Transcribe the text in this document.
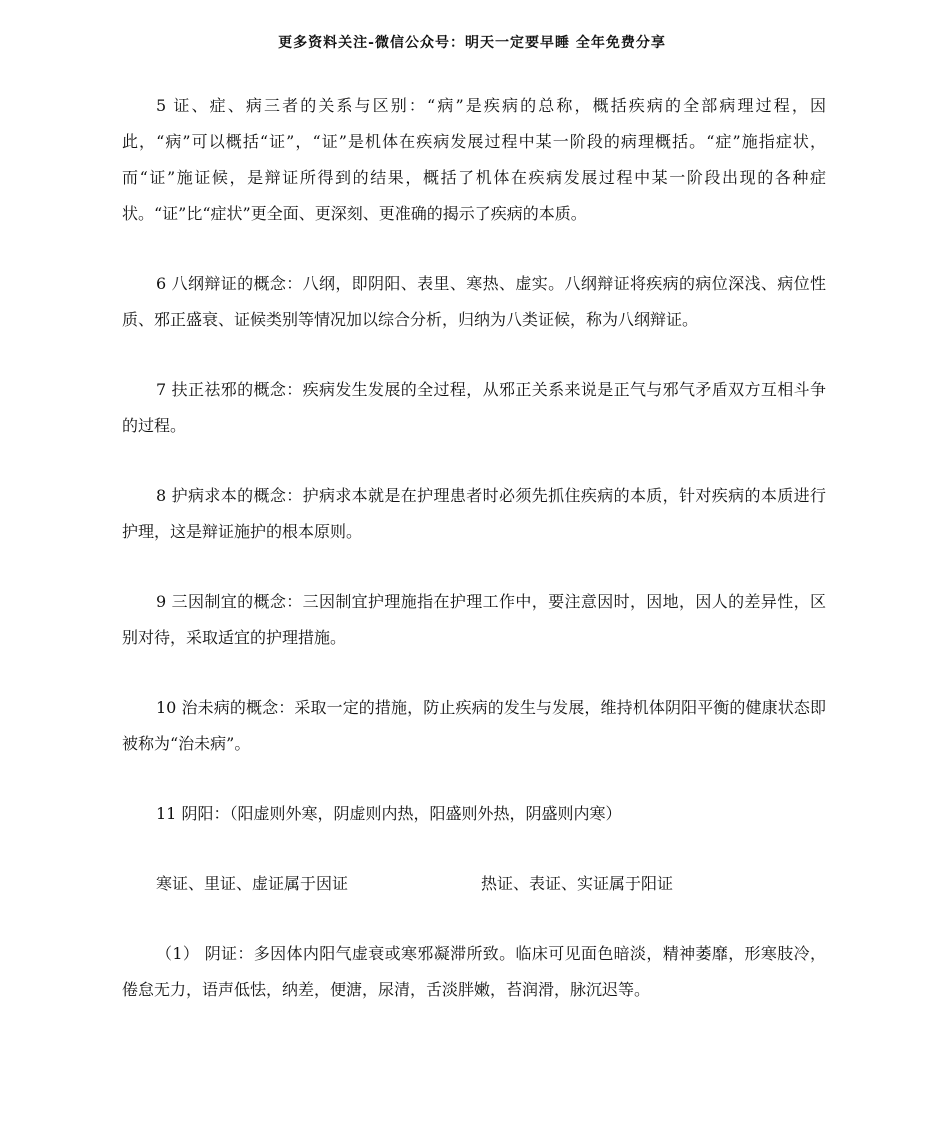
更多资料关注-微信公众号：明天一定要早睡 全年免费分享

5 证、症、病三者的关系与区别：“病”是疾病的总称，概括疾病的全部病理过程，因此，“病”可以概括“证”，“证”是机体在疾病发展过程中某一阶段的病理概括。“症”施指症状，而“证”施证候，是辩证所得到的结果，概括了机体在疾病发展过程中某一阶段出现的各种症状。“证”比“症状”更全面、更深刻、更准确的揭示了疾病的本质。

6 八纲辩证的概念：八纲，即阴阳、表里、寒热、虚实。八纲辩证将疾病的病位深浅、病位性质、邪正盛衰、证候类别等情况加以综合分析，归纳为八类证候，称为八纲辩证。

7 扶正祛邪的概念：疾病发生发展的全过程，从邪正关系来说是正气与邪气矛盾双方互相斗争的过程。

8 护病求本的概念：护病求本就是在护理患者时必须先抓住疾病的本质，针对疾病的本质进行护理，这是辩证施护的根本原则。

9 三因制宜的概念：三因制宜护理施指在护理工作中，要注意因时，因地，因人的差异性，区别对待，采取适宜的护理措施。

10 治未病的概念：采取一定的措施，防止疾病的发生与发展，维持机体阴阳平衡的健康状态即被称为“治未病”。

11 阴阳：（阳虚则外寒，阴虚则内热，阳盛则外热，阴盛则内寒）

寒证、里证、虚证属于因证	热证、表证、实证属于阳证

（1） 阴证：多因体内阳气虚衰或寒邪凝滞所致。临床可见面色暗淡，精神萎靡，形寒肢冷，倦怠无力，语声低怯，纳差，便溏，尿清，舌淡胖嫩，苔润滑，脉沉迟等。
